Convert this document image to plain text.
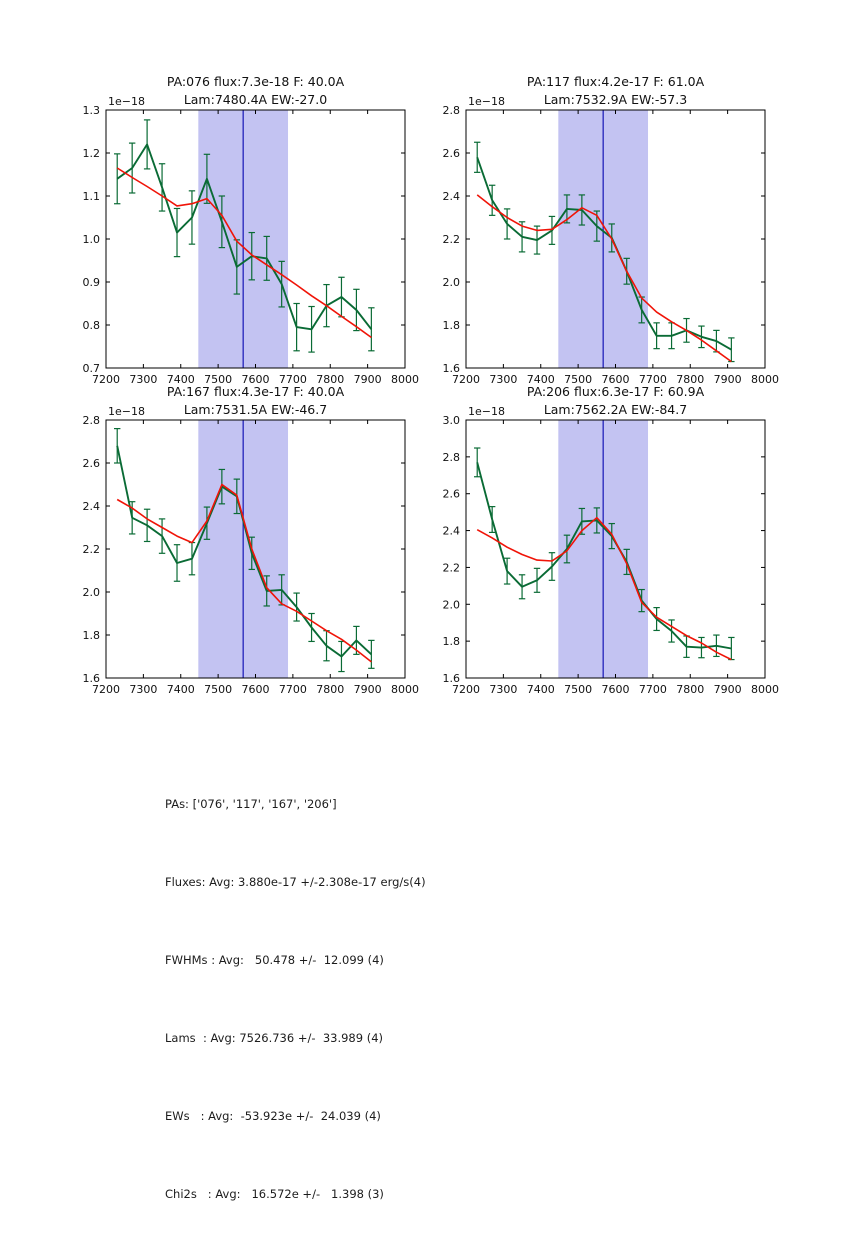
7200 7300 7400 7500 7600 7700 7800 7900 8000
0.7
0.8
0.9
1.0
1.1
1.2
1.3
1e−18
PA:076 flux:7.3e-18 F: 40.0A
Lam:7480.4A EW:-27.0
7200 7300 7400 7500 7600 7700 7800 7900 8000
1.6
1.8
2.0
2.2
2.4
2.6
2.8
1e−18
PA:117 flux:4.2e-17 F: 61.0A
Lam:7532.9A EW:-57.3
7200 7300 7400 7500 7600 7700 7800 7900 8000
1.6
1.8
2.0
2.2
2.4
2.6
2.8
1e−18
PA:167 flux:4.3e-17 F: 40.0A
Lam:7531.5A EW:-46.7
7200 7300 7400 7500 7600 7700 7800 7900 8000
1.6
1.8
2.0
2.2
2.4
2.6
2.8
3.0
1e−18
PA:206 flux:6.3e-17 F: 60.9A
Lam:7562.2A EW:-84.7

PAs: ['076', '117', '167', '206']

Fluxes: Avg: 3.880e-17 +/-2.308e-17 erg/s(4)

FWHMs : Avg:   50.478 +/-  12.099 (4)

Lams  : Avg: 7526.736 +/-  33.989 (4)

EWs   : Avg:  -53.923e +/-  24.039 (4)

Chi2s   : Avg:   16.572e +/-   1.398 (3)
